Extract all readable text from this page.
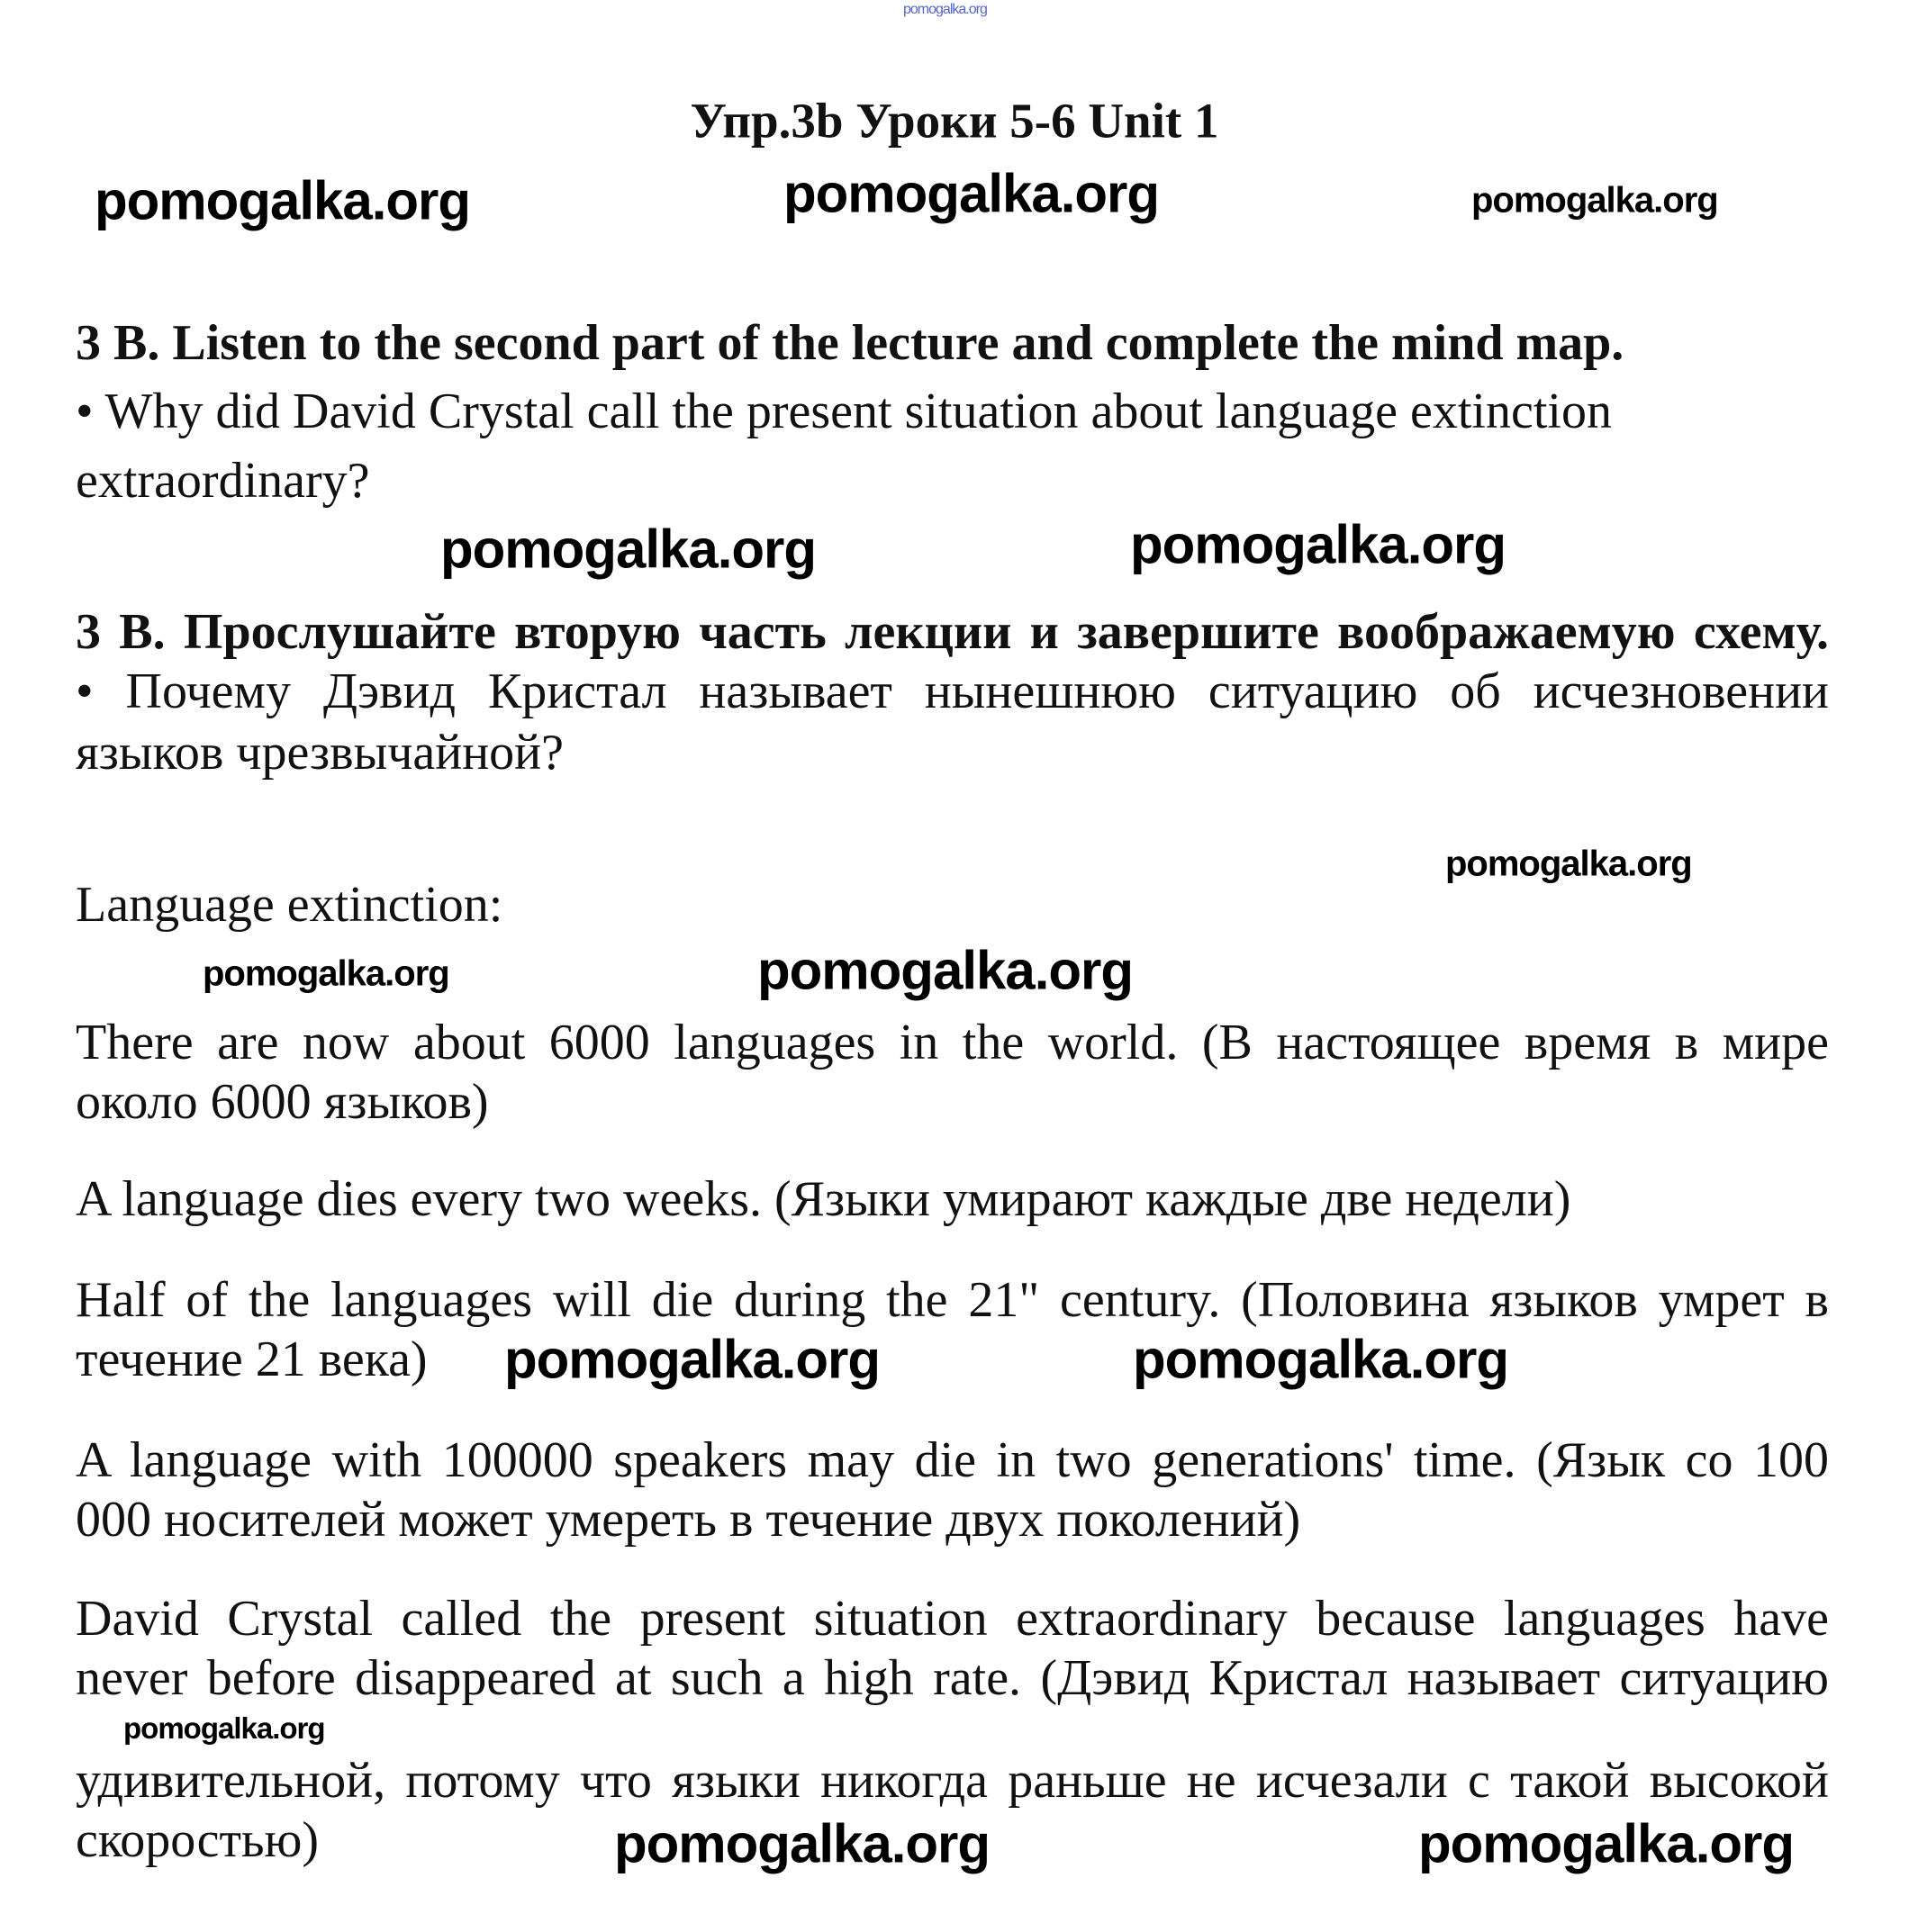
pomogalka.org
Упр.3b Уроки 5-6 Unit 1
pomogalka.org	pomogalka.org	pomogalka.org
3 B. Listen to the second part of the lecture and complete the mind map.
• Why did David Crystal call the present situation about language extinction
extraordinary?
pomogalka.org	pomogalka.org
3 В. Прослушайте вторую часть лекции и завершите воображаемую схему.
• Почему Дэвид Кристал называет нынешнюю ситуацию об исчезновении
языков чрезвычайной?
pomogalka.org
Language extinction:
pomogalka.org	pomogalka.org
There are now about 6000 languages in the world. (В настоящее время в мире
около 6000 языков)
A language dies every two weeks. (Языки умирают каждые две недели)
Half of the languages will die during the 21" century. (Половина языков умрет в
течение 21 века)	pomogalka.org	pomogalka.org
A language with 100000 speakers may die in two generations' time. (Язык со 100
000 носителей может умереть в течение двух поколений)
David Crystal called the present situation extraordinary because languages have
never before disappeared at such a high rate. (Дэвид Кристал называет ситуацию
pomogalka.org
удивительной, потому что языки никогда раньше не исчезали с такой высокой
скоростью)	pomogalka.org	pomogalka.org
